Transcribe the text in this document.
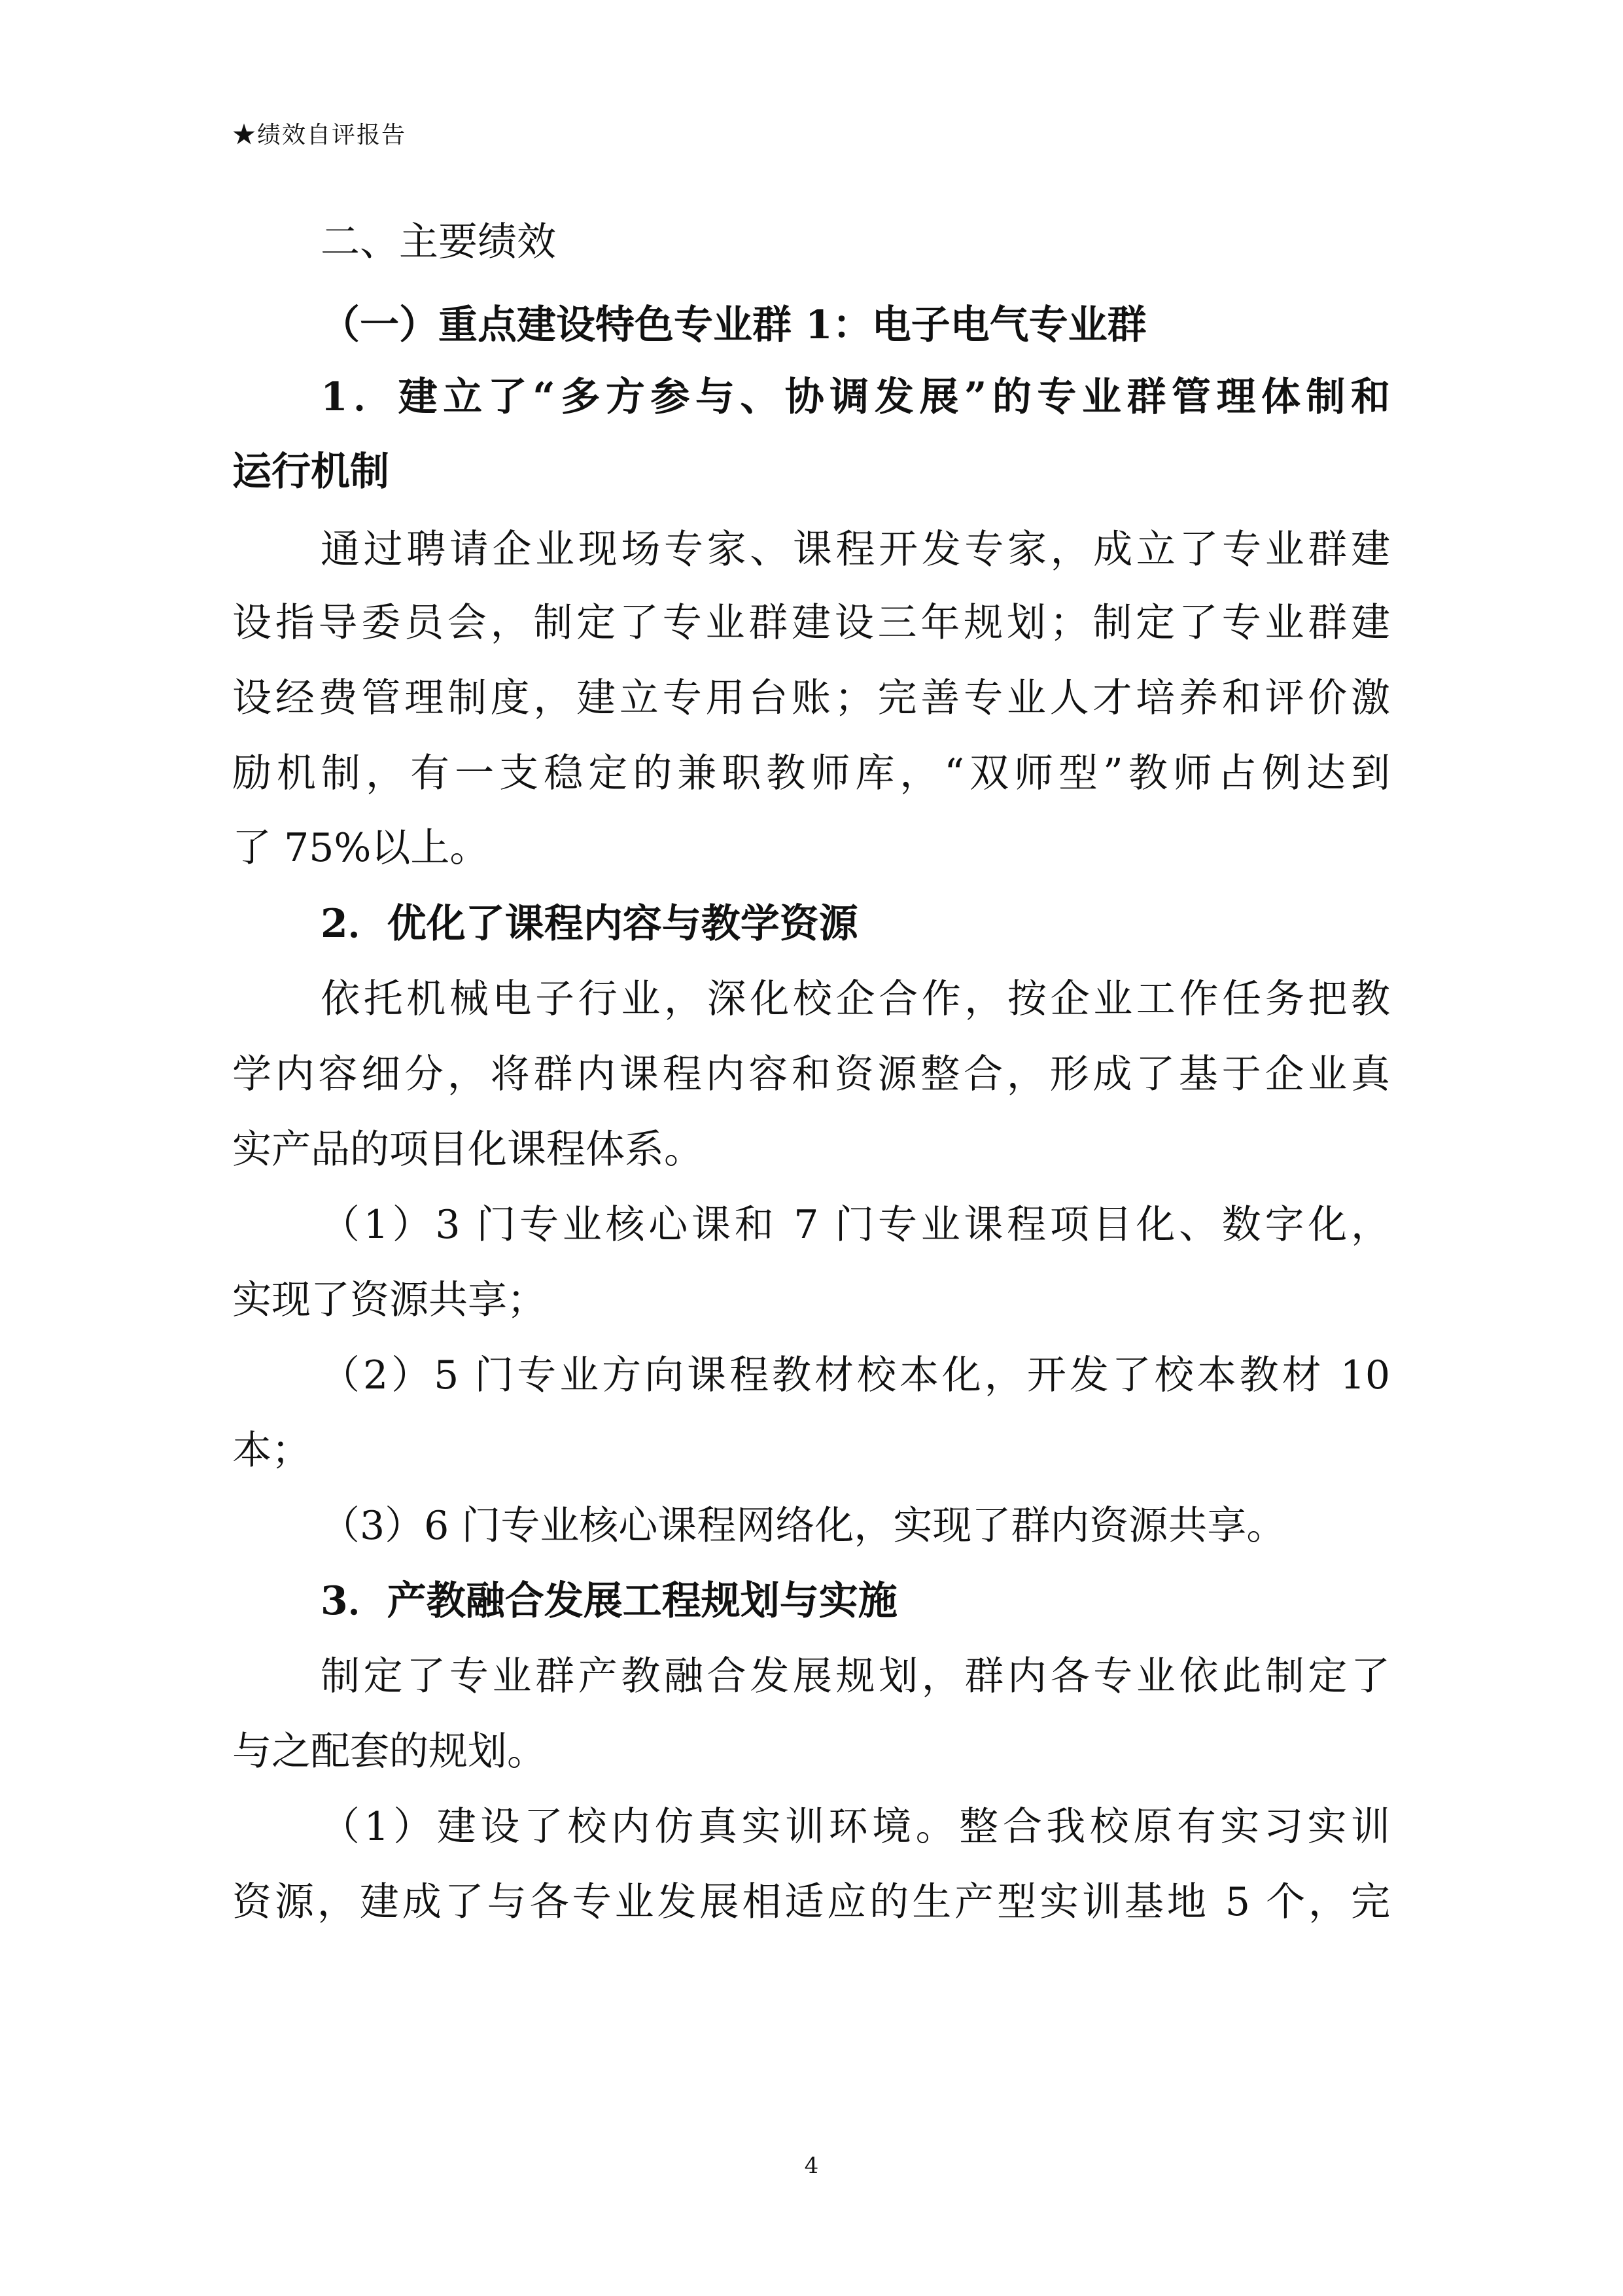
★绩效自评报告
二、主要绩效
（一）重点建设特色专业群 1：电子电气专业群
1．建立了“多方参与、协调发展”的专业群管理体制和
运行机制
通过聘请企业现场专家、课程开发专家，成立了专业群建
设指导委员会，制定了专业群建设三年规划；制定了专业群建
设经费管理制度，建立专用台账；完善专业人才培养和评价激
励机制，有一支稳定的兼职教师库，“双师型”教师占例达到
了 75%以上。
2．优化了课程内容与教学资源
依托机械电子行业，深化校企合作，按企业工作任务把教
学内容细分，将群内课程内容和资源整合，形成了基于企业真
实产品的项目化课程体系。
（1）3 门专业核心课和 7 门专业课程项目化、数字化，
实现了资源共享；
（2）5 门专业方向课程教材校本化，开发了校本教材 10
本；
（3）6 门专业核心课程网络化，实现了群内资源共享。
3．产教融合发展工程规划与实施
制定了专业群产教融合发展规划，群内各专业依此制定了
与之配套的规划。
（1）建设了校内仿真实训环境。整合我校原有实习实训
资源，建成了与各专业发展相适应的生产型实训基地 5 个，完
4
